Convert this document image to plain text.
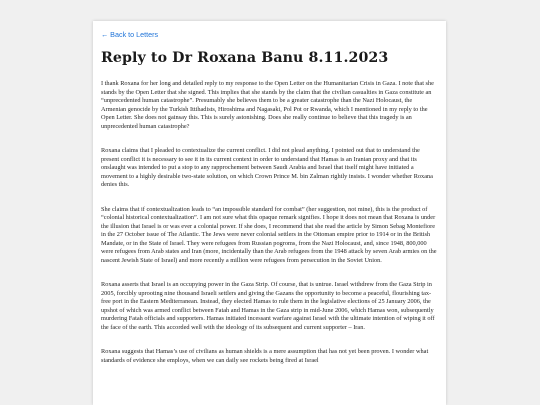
← Back to Letters
Reply to Dr Roxana Banu 8.11.2023

I thank Roxana for her long and detailed reply to my response to the Open Letter on the Humanitarian Crisis in Gaza. I note that she stands by the Open Letter that she signed. This implies that she stands by the claim that the civilian casualties in Gaza constitute an “unprecedented human catastrophe”. Presumably she believes them to be a greater catastrophe than the Nazi Holocaust, the Armenian genocide by the Turkish Ittihadists, Hiroshima and Nagasaki, Pol Pot or Rwanda, which I mentioned in my reply to the Open Letter. She does not gainsay this. This is surely astonishing. Does she really continue to believe that this tragedy is an unprecedented human catastrophe?

Roxana claims that I pleaded to contextualize the current conflict. I did not plead anything. I pointed out that to understand the present conflict it is necessary to see it in its current context in order to understand that Hamas is an Iranian proxy and that its onslaught was intended to put a stop to any rapprochement between Saudi Arabia and Israel that itself might have initiated a movement to a highly desirable two-state solution, on which Crown Prince M. bin Zalman rightly insists. I wonder whether Roxana denies this.

She claims that if contextualization leads to “an impossible standard for combat” (her suggestion, not mine), this is the product of “colonial historical contextualization”. I am not sure what this opaque remark signifies. I hope it does not mean that Roxana is under the illusion that Israel is or was ever a colonial power. If she does, I recommend that she read the article by Simon Sebag Montefiore in the 27 October issue of The Atlantic. The Jews were never colonial settlers in the Ottoman empire prior to 1914 or in the British Mandate, or in the State of Israel. They were refugees from Russian pogroms, from the Nazi Holocaust, and, since 1948, 800,000 were refugees from Arab states and Iran (more, incidentally than the Arab refugees from the 1948 attack by seven Arab armies on the nascent Jewish State of Israel) and more recently a million were refugees from persecution in the Soviet Union.

Roxana asserts that Israel is an occupying power in the Gaza Strip. Of course, that is untrue. Israel withdrew from the Gaza Strip in 2005, forcibly uprooting nine thousand Israeli settlers and giving the Gazans the opportunity to become a peaceful, flourishing tax-free port in the Eastern Mediterranean. Instead, they elected Hamas to rule them in the legislative elections of 25 January 2006, the upshot of which was armed conflict between Fatah and Hamas in the Gaza strip in mid-June 2006, which Hamas won, subsequently murdering Fatah officials and supporters. Hamas initiated incessant warfare against Israel with the ultimate intention of wiping it off the face of the earth. This accorded well with the ideology of its subsequent and current supporter – Iran.

Roxana suggests that Hamas’s use of civilians as human shields is a mere assumption that has not yet been proven. I wonder what standards of evidence she employs, when we can daily see rockets being fired at Israel
